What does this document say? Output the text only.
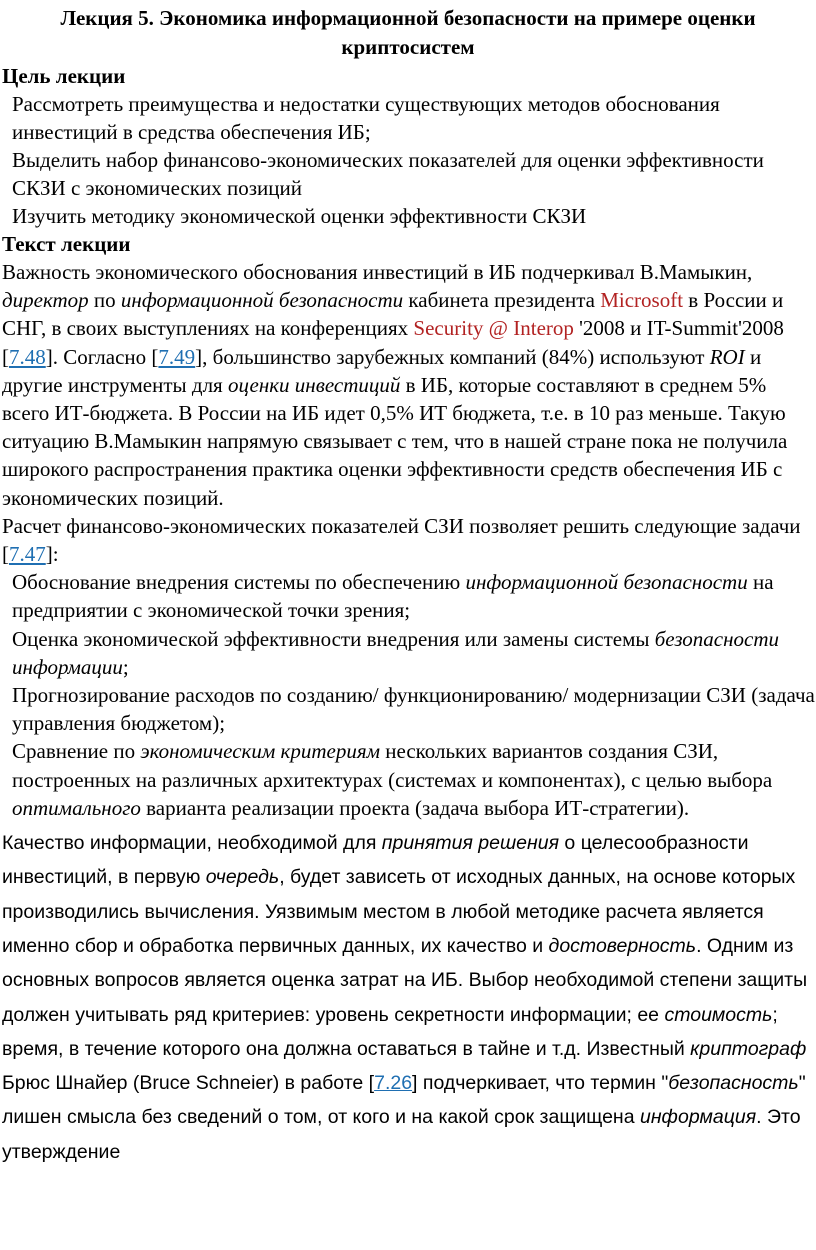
Лекция 5. Экономика информационной безопасности на примере оценки криптосистем
Цель лекции
Рассмотреть преимущества и недостатки существующих методов обоснования инвестиций в средства обеспечения ИБ;
Выделить набор финансово-экономических показателей для оценки эффективности СКЗИ с экономических позиций
Изучить методику экономической оценки эффективности СКЗИ
Текст лекции

Важность экономического обоснования инвестиций в ИБ подчеркивал В.Мамыкин, директор по информационной безопасности кабинета президента Microsoft в России и СНГ, в своих выступлениях на конференциях Security @ Interop '2008 и IT-Summit'2008 [7.48]. Согласно [7.49], большинство зарубежных компаний (84%) используют ROI и другие инструменты для оценки инвестиций в ИБ, которые составляют в среднем 5% всего ИТ-бюджета. В России на ИБ идет 0,5% ИТ бюджета, т.е. в 10 раз меньше. Такую ситуацию В.Мамыкин напрямую связывает с тем, что в нашей стране пока не получила широкого распространения практика оценки эффективности средств обеспечения ИБ с экономических позиций.

Расчет финансово-экономических показателей СЗИ позволяет решить следующие задачи [7.47]:

Обоснование внедрения системы по обеспечению информационной безопасности на предприятии с экономической точки зрения;
Оценка экономической эффективности внедрения или замены системы безопасности информации;
Прогнозирование расходов по созданию/ функционированию/ модернизации СЗИ (задача управления бюджетом);
Сравнение по экономическим критериям нескольких вариантов создания СЗИ, построенных на различных архитектурах (системах и компонентах), с целью выбора оптимального варианта реализации проекта (задача выбора ИТ-стратегии).

Качество информации, необходимой для принятия решения о целесообразности инвестиций, в первую очередь, будет зависеть от исходных данных, на основе которых производились вычисления. Уязвимым местом в любой методике расчета является именно сбор и обработка первичных данных, их качество и достоверность. Одним из основных вопросов является оценка затрат на ИБ. Выбор необходимой степени защиты должен учитывать ряд критериев: уровень секретности информации; ее стоимость; время, в течение которого она должна оставаться в тайне и т.д. Известный криптограф Брюс Шнайер (Bruce Schneier) в работе [7.26] подчеркивает, что термин "безопасность" лишен смысла без сведений о том, от кого и на какой срок защищена информация. Это утверждение
